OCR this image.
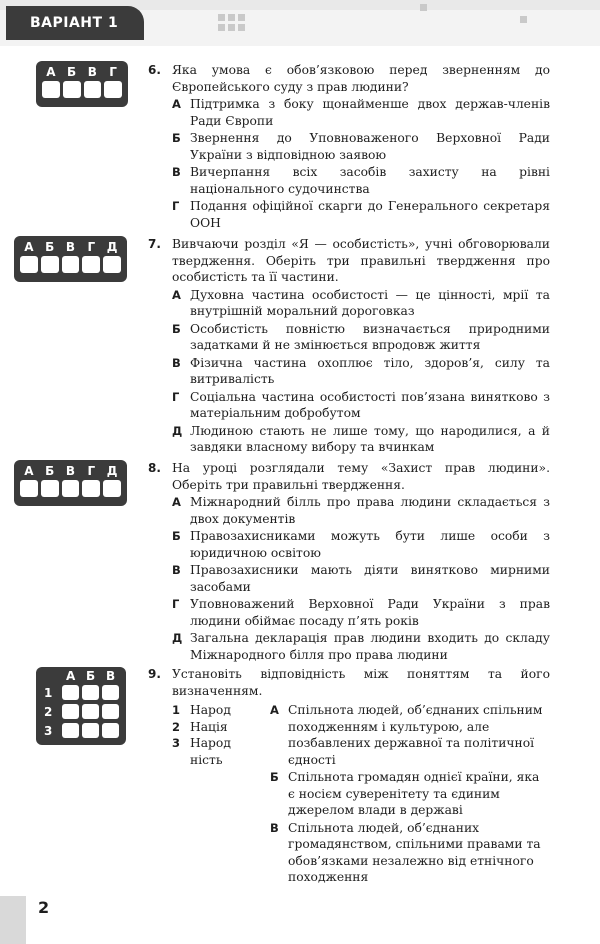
ВАРІАНТ 1
А Б В	Г	6. Яка умова є обов’язковою перед зверненням до Європейського суду з прав людини?
А Підтримка з боку щонайменше двох держав-членів Ради Європи
Б Звернення до Уповноваженого Верховної Ради України з відповідною заявою
В Вичерпання всіх засобів захисту на рівні національного судочинства
Г Подання офіційної скарги до Генерального секретаря ООН
А Б В	Г Д	7. Вивчаючи розділ «Я — особистість», учні обговорювали твердження. Оберіть три правильні твердження про особистість та її частини.
А Духовна частина особистості — це цінності, мрії та внутрішній моральний дороговказ
Б Особистість повністю визначається природними задатками й не змінюється впродовж життя
В Фізична частина охоплює тіло, здоров’я, силу та витривалість
Г Соціальна частина особистості пов’язана винятково з матеріальним добробутом
Д Людиною стають не лише тому, що народилися, а й завдяки власному вибору та вчинкам
А Б В	Г Д	8. На уроці розглядали тему «Захист прав людини». Оберіть три правильні твердження.
А Міжнародний білль про права людини складається з двох документів
Б Правозахисниками можуть бути лише особи з юридичною освітою
В Правозахисники мають діяти винятково мирними засобами
Г Уповноважений Верховної Ради України з прав людини обіймає посаду п’ять років
Д Загальна декларація прав людини входить до складу Міжнародного білля про права людини
А Б В
1
2
3
9. Установіть відповідність між поняттям та його визначенням.
1 Народ
2 Нація
3 Народність
А Спільнота людей, об’єднаних спільним походженням і культурою, але позбавлених державної та політичної єдності
Б Спільнота громадян однієї країни, яка є носієм суверенітету та єдиним джерелом влади в державі
В Спільнота людей, об’єднаних громадянством, спільними правами та обов’язками незалежно від етнічного походження
2
